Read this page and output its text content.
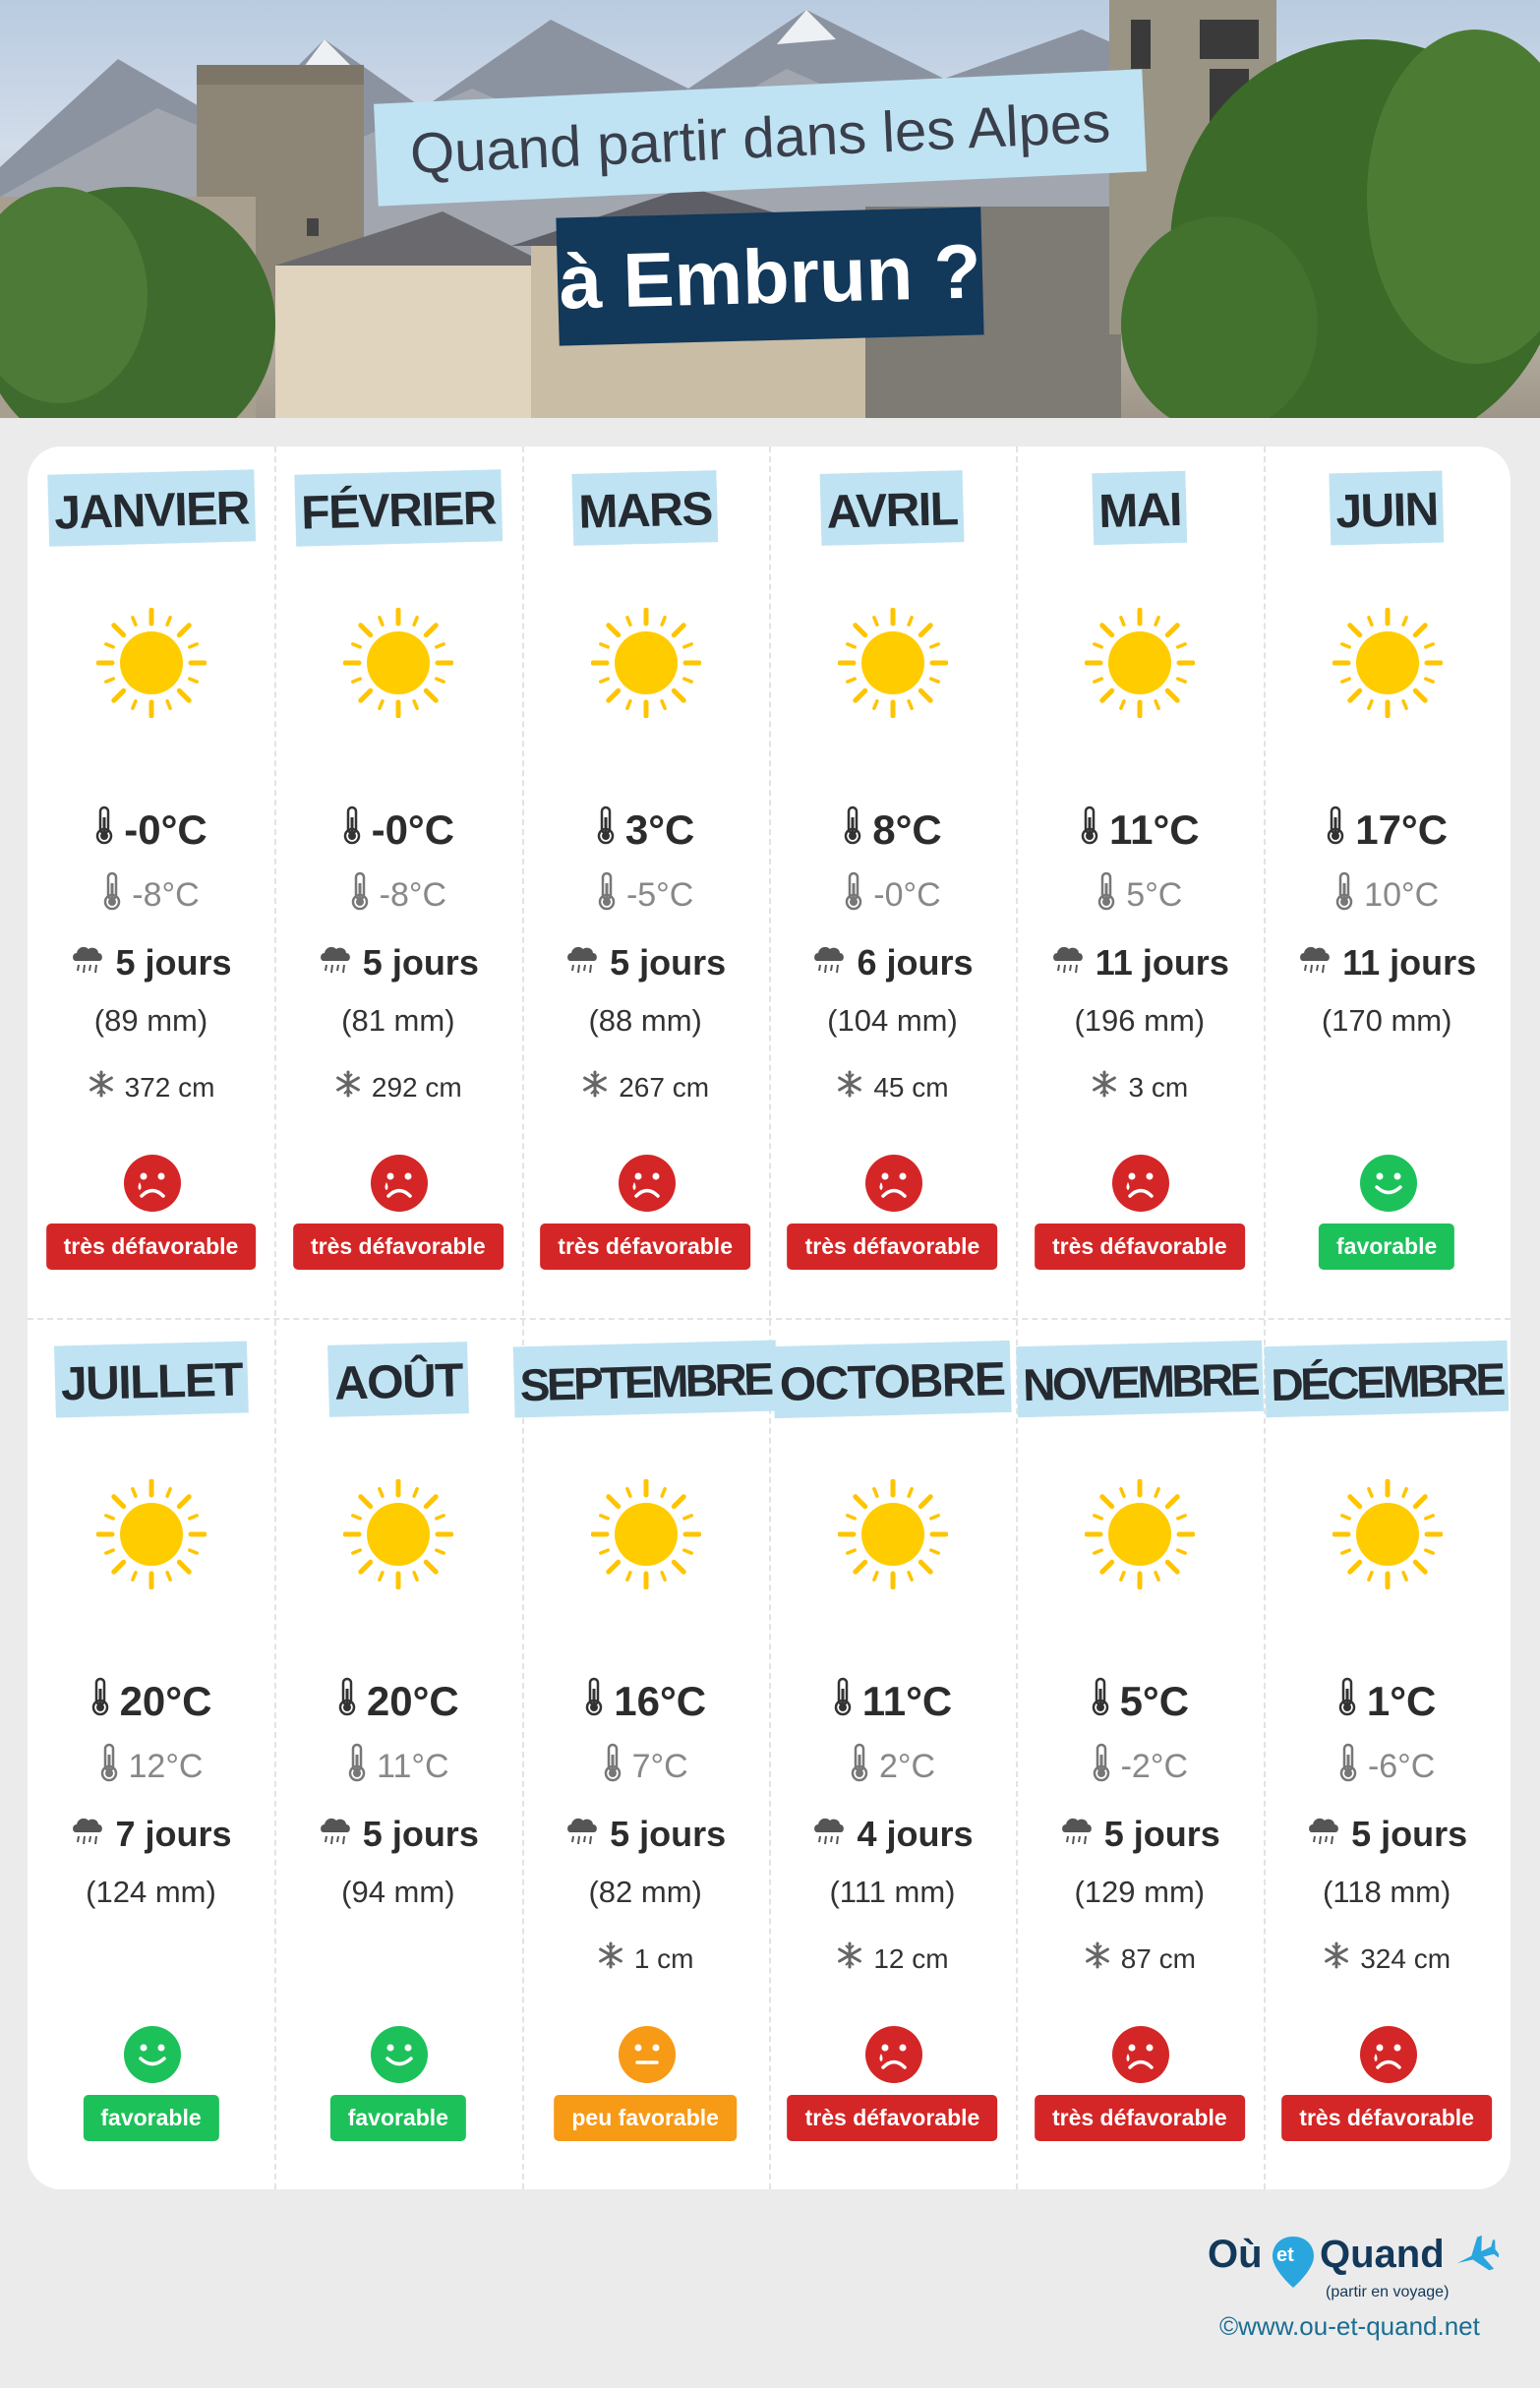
Quand partir dans les Alpes
à Embrun ?
JANVIER
-0°C
-8°C
5 jours
(89 mm)
372 cm
très défavorable
FÉVRIER
-0°C
-8°C
5 jours
(81 mm)
292 cm
très défavorable
MARS
3°C
-5°C
5 jours
(88 mm)
267 cm
très défavorable
AVRIL
8°C
-0°C
6 jours
(104 mm)
45 cm
très défavorable
MAI
11°C
5°C
11 jours
(196 mm)
3 cm
très défavorable
JUIN
17°C
10°C
11 jours
(170 mm)
favorable
JUILLET
20°C
12°C
7 jours
(124 mm)
favorable
AOÛT
20°C
11°C
5 jours
(94 mm)
favorable
SEPTEMBRE
16°C
7°C
5 jours
(82 mm)
1 cm
peu favorable
OCTOBRE
11°C
2°C
4 jours
(111 mm)
12 cm
très défavorable
NOVEMBRE
5°C
-2°C
5 jours
(129 mm)
87 cm
très défavorable
DÉCEMBRE
1°C
-6°C
5 jours
(118 mm)
324 cm
très défavorable
Où et Quand
(partir en voyage)
©www.ou-et-quand.net
